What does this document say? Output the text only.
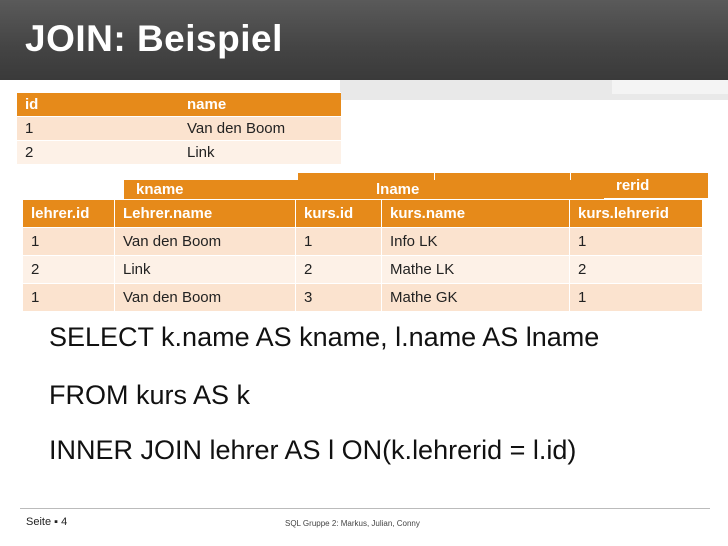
JOIN: Beispiel
id	name
1	Van den Boom
2	Link
rerid
kname	lname
lehrer.id	Lehrer.name	kurs.id	kurs.name	kurs.lehrerid
1	Van den Boom	1	Info LK	1
2	Link	2	Mathe LK	2
1	Van den Boom	3	Mathe GK	1
SELECT k.name AS kname, l.name AS lname
FROM kurs AS k
INNER JOIN lehrer AS l ON(k.lehrerid = l.id)
Seite ▪ 4	SQL Gruppe 2: Markus, Julian, Conny
